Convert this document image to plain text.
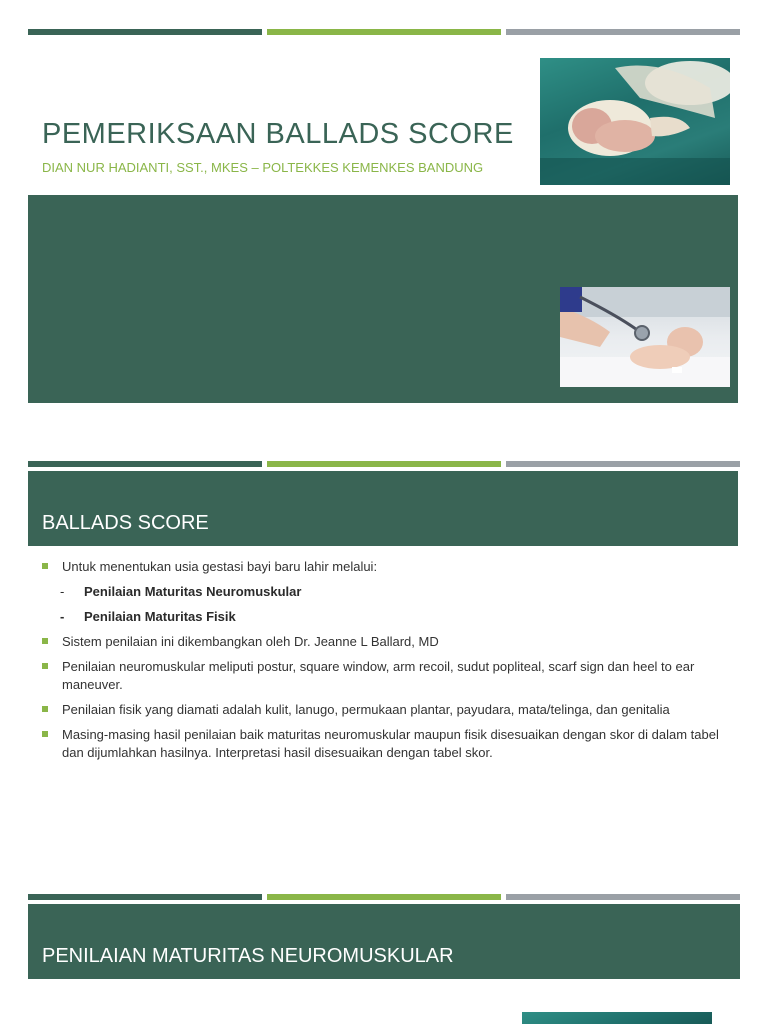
PEMERIKSAAN BALLADS SCORE
DIAN NUR HADIANTI, SST., MKES – POLTEKKES KEMENKES BANDUNG
BALLADS SCORE
Untuk menentukan usia gestasi bayi baru lahir melalui:
- Penilaian Maturitas Neuromuskular
- Penilaian Maturitas Fisik
Sistem penilaian ini dikembangkan oleh Dr. Jeanne L Ballard, MD
Penilaian neuromuskular meliputi postur, square window, arm recoil, sudut popliteal, scarf sign dan heel to ear maneuver.
Penilaian fisik yang diamati adalah kulit, lanugo, permukaan plantar, payudara, mata/telinga, dan genitalia
Masing-masing hasil penilaian baik maturitas neuromuskular maupun fisik disesuaikan dengan skor di dalam tabel dan dijumlahkan hasilnya. Interpretasi hasil disesuaikan dengan tabel skor.
PENILAIAN MATURITAS NEUROMUSKULAR
